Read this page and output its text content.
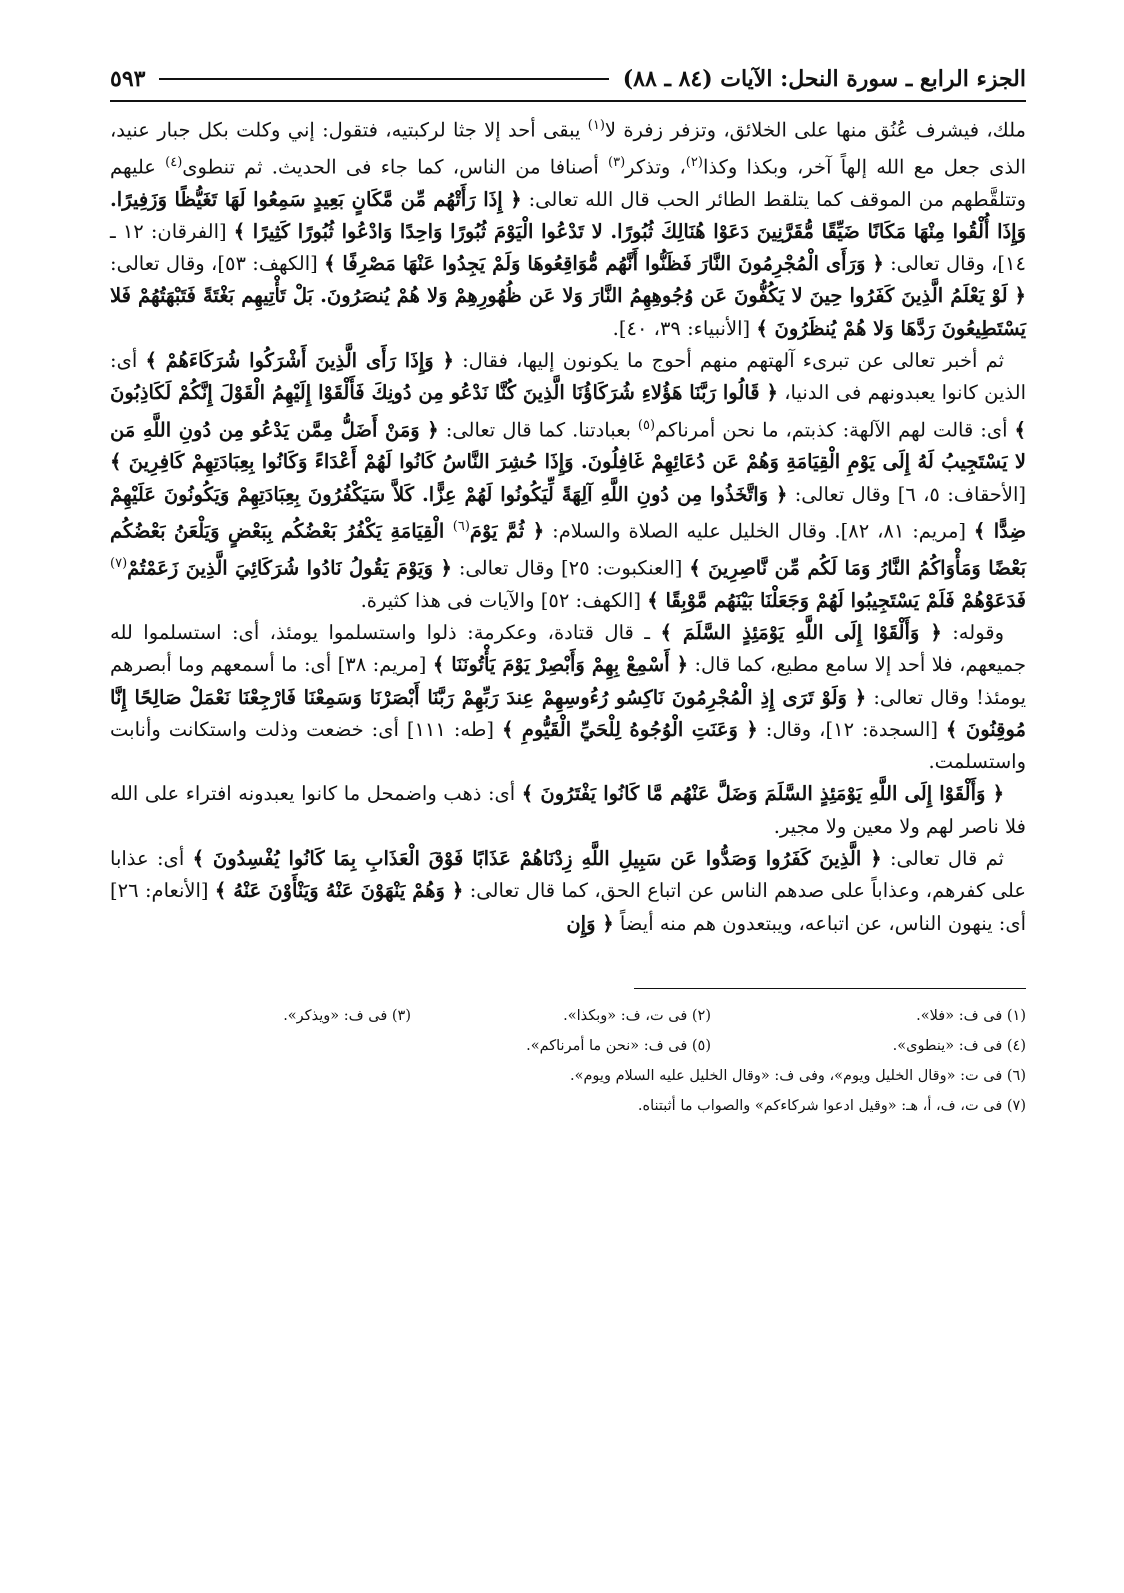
الجزء الرابع ـ سورة النحل: الآيات (٨٤ ـ ٨٨)
٥٩٣

ملك، فيشرف عُنُق منها على الخلائق، وتزفر زفرة لا$^{(١)}$ يبقى أحد إلا جثا لركبتيه، فتقول: إني وكلت بكل جبار عنيد، الذى جعل مع الله إلهاً آخر، وبكذا وكذا$^{(٢)}$، وتذكر$^{(٣)}$ أصنافا من الناس، كما جاء فى الحديث. ثم تنطوى$^{(٤)}$ عليهم وتتلقَّطهم من الموقف كما يتلقط الطائر الحب قال الله تعالى: ﴿ إِذَا رَأَتْهُم مِّن مَّكَانٍ بَعِيدٍ سَمِعُوا لَهَا تَغَيُّظًا وَزَفِيرًا. وَإِذَا أُلْقُوا مِنْهَا مَكَانًا ضَيِّقًا مُّقَرَّنِينَ دَعَوْا هُنَالِكَ ثُبُورًا. لا تَدْعُوا الْيَوْمَ ثُبُورًا وَاحِدًا وَادْعُوا ثُبُورًا كَثِيرًا ﴾ [الفرقان: ١٢ ـ ١٤]، وقال تعالى: ﴿ وَرَأَى الْمُجْرِمُونَ النَّارَ فَظَنُّوا أَنَّهُم مُّوَاقِعُوهَا وَلَمْ يَجِدُوا عَنْهَا مَصْرِفًا ﴾ [الكهف: ٥٣]، وقال تعالى: ﴿ لَوْ يَعْلَمُ الَّذِينَ كَفَرُوا حِينَ لا يَكُفُّونَ عَن وُجُوهِهِمُ النَّارَ وَلا عَن ظُهُورِهِمْ وَلا هُمْ يُنصَرُونَ. بَلْ تَأْتِيهِم بَغْتَةً فَتَبْهَتُهُمْ فَلا يَسْتَطِيعُونَ رَدَّهَا وَلا هُمْ يُنظَرُونَ ﴾ [الأنبياء: ٣٩، ٤٠].

ثم أخبر تعالى عن تبرىء آلهتهم منهم أحوج ما يكونون إليها، فقال: ﴿ وَإِذَا رَأَى الَّذِينَ أَشْرَكُوا شُرَكَاءَهُمْ ﴾ أى: الذين كانوا يعبدونهم فى الدنيا، ﴿ قَالُوا رَبَّنَا هَؤُلاءِ شُرَكَاؤُنَا الَّذِينَ كُنَّا نَدْعُو مِن دُونِكَ فَأَلْقَوْا إِلَيْهِمُ الْقَوْلَ إِنَّكُمْ لَكَاذِبُونَ ﴾ أى: قالت لهم الآلهة: كذبتم، ما نحن أمرناكم$^{(٥)}$ بعبادتنا. كما قال تعالى: ﴿ وَمَنْ أَضَلُّ مِمَّن يَدْعُو مِن دُونِ اللَّهِ مَن لا يَسْتَجِيبُ لَهُ إِلَى يَوْمِ الْقِيَامَةِ وَهُمْ عَن دُعَائِهِمْ غَافِلُونَ. وَإِذَا حُشِرَ النَّاسُ كَانُوا لَهُمْ أَعْدَاءً وَكَانُوا بِعِبَادَتِهِمْ كَافِرِينَ ﴾ [الأحقاف: ٥، ٦] وقال تعالى: ﴿ وَاتَّخَذُوا مِن دُونِ اللَّهِ آلِهَةً لِّيَكُونُوا لَهُمْ عِزًّا. كَلاَّ سَيَكْفُرُونَ بِعِبَادَتِهِمْ وَيَكُونُونَ عَلَيْهِمْ ضِدًّا ﴾ [مريم: ٨١، ٨٢]. وقال الخليل عليه الصلاة والسلام: ﴿ ثُمَّ يَوْمَ$^{(٦)}$ الْقِيَامَةِ يَكْفُرُ بَعْضُكُم بِبَعْضٍ وَيَلْعَنُ بَعْضُكُم بَعْضًا وَمَأْوَاكُمُ النَّارُ وَمَا لَكُم مِّن نَّاصِرِينَ ﴾ [العنكبوت: ٢٥] وقال تعالى: ﴿ وَيَوْمَ يَقُولُ نَادُوا شُرَكَائِيَ الَّذِينَ زَعَمْتُمْ$^{(٧)}$ فَدَعَوْهُمْ فَلَمْ يَسْتَجِيبُوا لَهُمْ وَجَعَلْنَا بَيْنَهُم مَّوْبِقًا ﴾ [الكهف: ٥٢] والآيات فى هذا كثيرة.

وقوله: ﴿ وَأَلْقَوْا إِلَى اللَّهِ يَوْمَئِذٍ السَّلَمَ ﴾ ـ قال قتادة، وعكرمة: ذلوا واستسلموا يومئذ، أى: استسلموا لله جميعهم، فلا أحد إلا سامع مطيع، كما قال: ﴿ أَسْمِعْ بِهِمْ وَأَبْصِرْ يَوْمَ يَأْتُونَنَا ﴾ [مريم: ٣٨] أى: ما أسمعهم وما أبصرهم يومئذ! وقال تعالى: ﴿ وَلَوْ تَرَى إِذِ الْمُجْرِمُونَ نَاكِسُو رُءُوسِهِمْ عِندَ رَبِّهِمْ رَبَّنَا أَبْصَرْنَا وَسَمِعْنَا فَارْجِعْنَا نَعْمَلْ صَالِحًا إِنَّا مُوقِنُونَ ﴾ [السجدة: ١٢]، وقال: ﴿ وَعَنَتِ الْوُجُوهُ لِلْحَيِّ الْقَيُّومِ ﴾ [طه: ١١١] أى: خضعت وذلت واستكانت وأنابت واستسلمت.

﴿ وَأَلْقَوْا إِلَى اللَّهِ يَوْمَئِذٍ السَّلَمَ وَضَلَّ عَنْهُم مَّا كَانُوا يَفْتَرُونَ ﴾ أى: ذهب واضمحل ما كانوا يعبدونه افتراء على الله فلا ناصر لهم ولا معين ولا مجير.

ثم قال تعالى: ﴿ الَّذِينَ كَفَرُوا وَصَدُّوا عَن سَبِيلِ اللَّهِ زِدْنَاهُمْ عَذَابًا فَوْقَ الْعَذَابِ بِمَا كَانُوا يُفْسِدُونَ ﴾ أى: عذابا على كفرهم، وعذاباً على صدهم الناس عن اتباع الحق، كما قال تعالى: ﴿ وَهُمْ يَنْهَوْنَ عَنْهُ وَيَنْأَوْنَ عَنْهُ ﴾ [الأنعام: ٢٦] أى: ينهون الناس، عن اتباعه، ويبتعدون هم منه أيضاً ﴿ وَإِن

(١) فى ف: «فلا».
(٢) فى ت، ف: «وبكذا».
(٣) فى ف: «ويذكر».
(٤) فى ف: «ينطوى».
(٥) فى ف: «نحن ما أمرناكم».
(٦) فى ت: «وقال الخليل ويوم»، وفى ف: «وقال الخليل عليه السلام ويوم».
(٧) فى ت، ف، أ، هـ: «وقيل ادعوا شركاءكم» والصواب ما أثبتناه.
